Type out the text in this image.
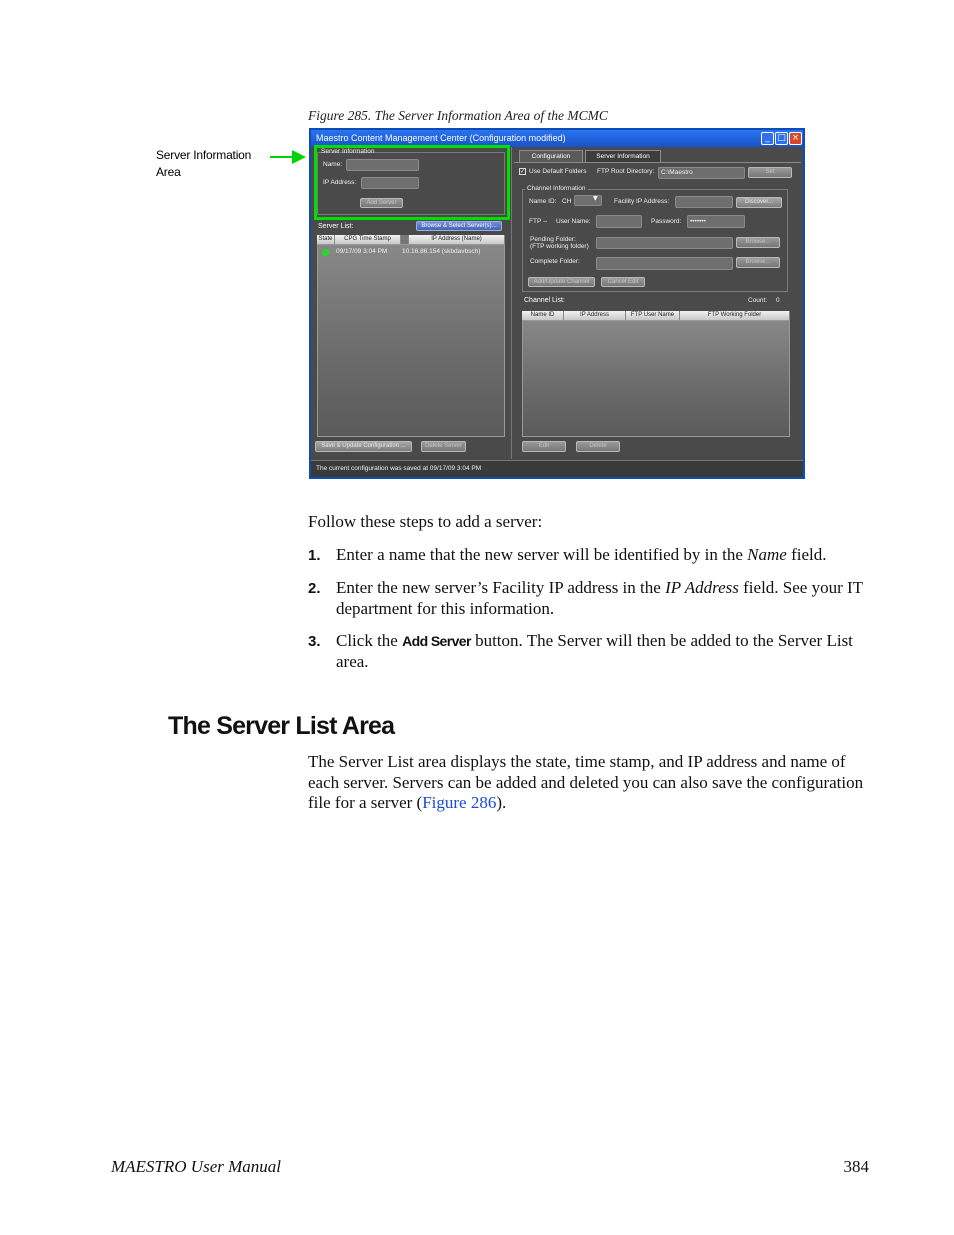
Figure 285. The Server Information Area of the MCMC
Server Information
Area
Maestro Content Management Center (Configuration modified)	_ □ ×
Server Information
Name:
IP Address:
Add Server
Server List:	Browse & Select Server(s)...
State	CPG Time Stamp	IP Address (Name)
09/17/09 3:04 PM 10.16.86.154 (skbdavbsch)
Save & Update Configuration ...	Delete Server
Configuration	Server Information
✓ Use Default Folders FTP Root Directory:	C:\Maestro	Set
Channel Information
Name ID: CH	▼	Facility IP Address:	Discover...
FTP -- User Name:	Password:	•••••••
Pending Folder:
(FTP working folder)
Browse...
Complete Folder:	Browse...
Add/Update Channel	Cancel Edit
Channel List:	Count: 0
Name ID	IP Address	FTP User Name	FTP Working Folder
Edit	Delete
The current configuration was saved at 09/17/09 3:04 PM
Follow these steps to add a server:
1. Enter a name that the new server will be identified by in the Name field.
2. Enter the new server’s Facility IP address in the IP Address field. See your IT department for this information.
3. Click the Add Server button. The Server will then be added to the Server List area.
The Server List Area
The Server List area displays the state, time stamp, and IP address and name of each server. Servers can be added and deleted you can also save the configuration file for a server (Figure 286).
MAESTRO User Manual	384
